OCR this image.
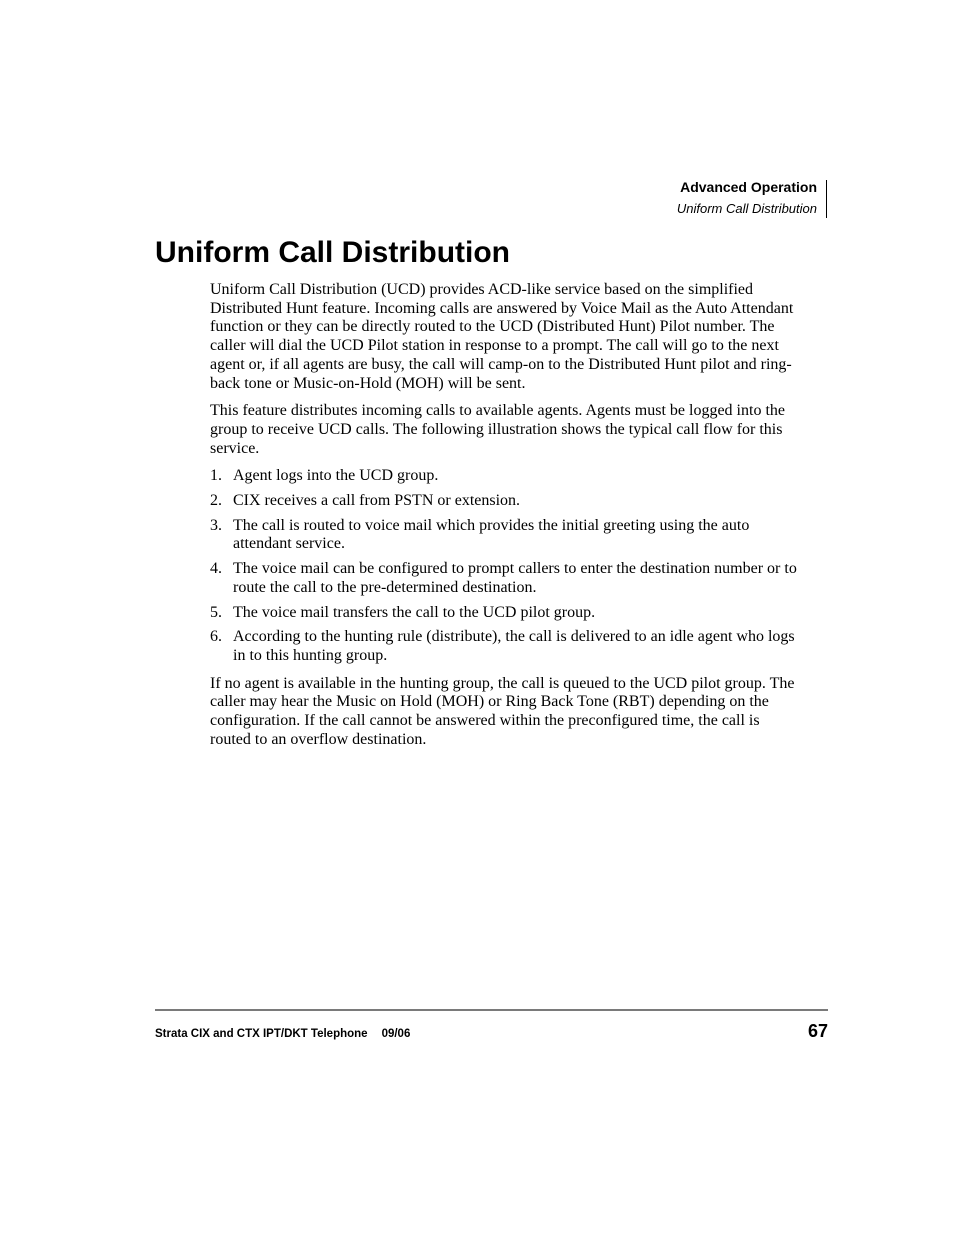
Advanced Operation
Uniform Call Distribution
Uniform Call Distribution

Uniform Call Distribution (UCD) provides ACD-like service based on the simplified Distributed Hunt feature. Incoming calls are answered by Voice Mail as the Auto Attendant function or they can be directly routed to the UCD (Distributed Hunt) Pilot number. The caller will dial the UCD Pilot station in response to a prompt. The call will go to the next agent or, if all agents are busy, the call will camp-on to the Distributed Hunt pilot and ring-back tone or Music-on-Hold (MOH) will be sent.

This feature distributes incoming calls to available agents. Agents must be logged into the group to receive UCD calls. The following illustration shows the typical call flow for this service.

1. Agent logs into the UCD group.
2. CIX receives a call from PSTN or extension.
3. The call is routed to voice mail which provides the initial greeting using the auto attendant service.
4. The voice mail can be configured to prompt callers to enter the destination number or to route the call to the pre-determined destination.
5. The voice mail transfers the call to the UCD pilot group.
6. According to the hunting rule (distribute), the call is delivered to an idle agent who logs in to this hunting group.

If no agent is available in the hunting group, the call is queued to the UCD pilot group. The caller may hear the Music on Hold (MOH) or Ring Back Tone (RBT) depending on the configuration. If the call cannot be answered within the preconfigured time, the call is routed to an overflow destination.

Strata CIX and CTX IPT/DKT Telephone 09/06	67
